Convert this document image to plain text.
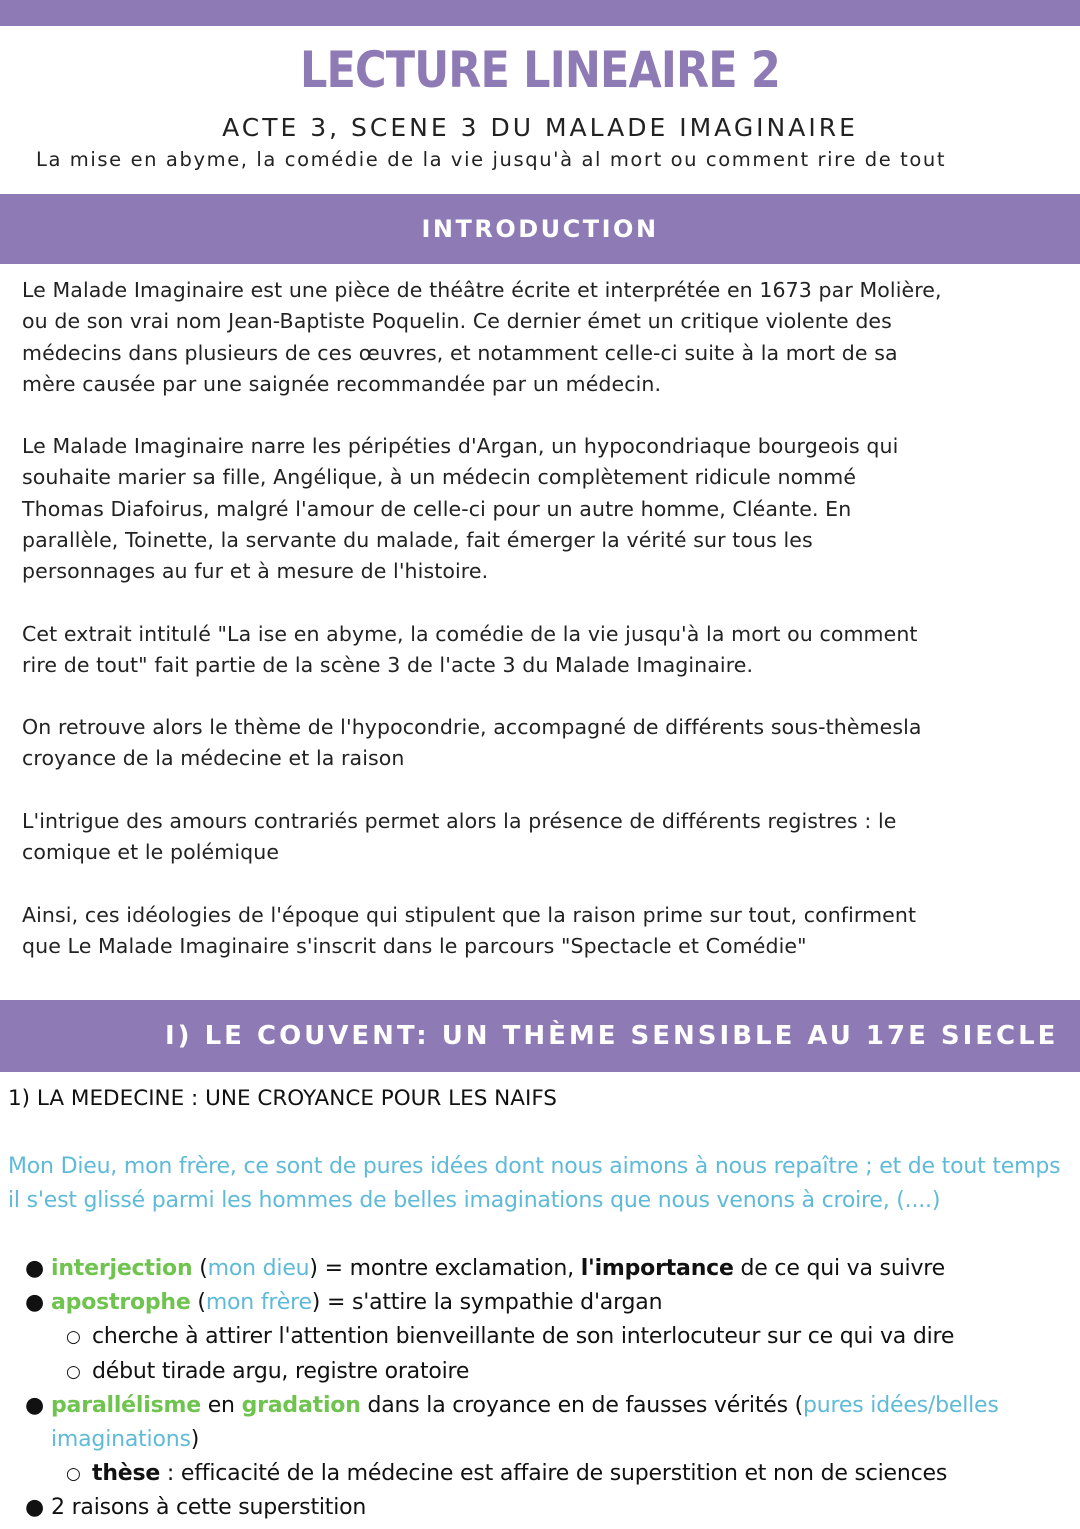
LECTURE LINEAIRE 2
ACTE 3, SCENE 3 DU MALADE IMAGINAIRE
La mise en abyme, la comédie de la vie jusqu'à al mort ou comment rire de tout
INTRODUCTION

Le Malade Imaginaire est une pièce de théâtre écrite et interprétée en 1673 par Molière,
ou de son vrai nom Jean-Baptiste Poquelin. Ce dernier émet un critique violente des
médecins dans plusieurs de ces œuvres, et notamment celle-ci suite à la mort de sa
mère causée par une saignée recommandée par un médecin.

Le Malade Imaginaire narre les péripéties d'Argan, un hypocondriaque bourgeois qui
souhaite marier sa fille, Angélique, à un médecin complètement ridicule nommé
Thomas Diafoirus, malgré l'amour de celle-ci pour un autre homme, Cléante. En
parallèle, Toinette, la servante du malade, fait émerger la vérité sur tous les
personnages au fur et à mesure de l'histoire.

Cet extrait intitulé "La ise en abyme, la comédie de la vie jusqu'à la mort ou comment
rire de tout" fait partie de la scène 3 de l'acte 3 du Malade Imaginaire.

On retrouve alors le thème de l'hypocondrie, accompagné de différents sous-thèmesla
croyance de la médecine et la raison

L'intrigue des amours contrariés permet alors la présence de différents registres : le
comique et le polémique

Ainsi, ces idéologies de l'époque qui stipulent que la raison prime sur tout, confirment
que Le Malade Imaginaire s'inscrit dans le parcours "Spectacle et Comédie"

I) LE COUVENT: UN THÈME SENSIBLE AU 17E SIECLE
1) LA MEDECINE : UNE CROYANCE POUR LES NAIFS
Mon Dieu, mon frère, ce sont de pures idées dont nous aimons à nous repaître ; et de tout temps il s'est glissé parmi les hommes de belles imaginations que nous venons à croire, (....)
● interjection (mon dieu) = montre exclamation, l'importance de ce qui va suivre
● apostrophe (mon frère) = s'attire la sympathie d'argan
○ cherche à attirer l'attention bienveillante de son interlocuteur sur ce qui va dire
○ début tirade argu, registre oratoire
● parallélisme en gradation dans la croyance en de fausses vérités (pures idées/belles imaginations)
○ thèse : efficacité de la médecine est affaire de superstition et non de sciences
● 2 raisons à cette superstition
